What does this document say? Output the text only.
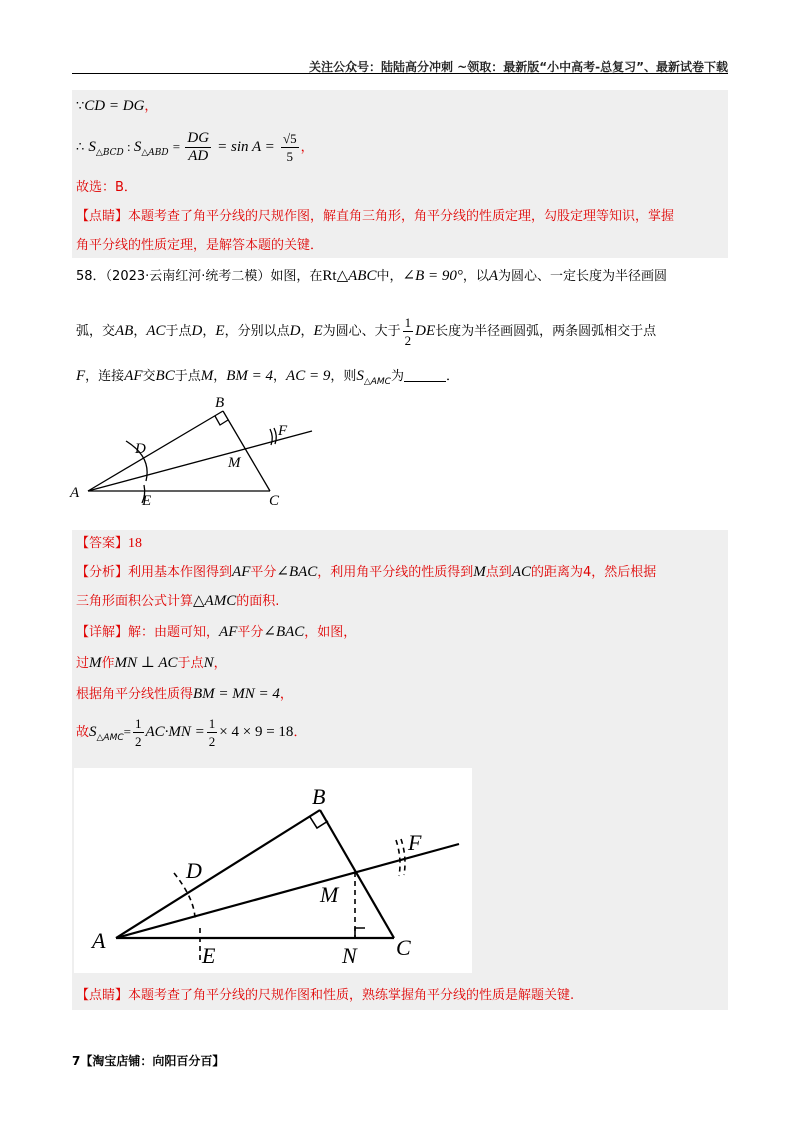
关注公众号：陆陆高分冲刺 ~领取：最新版“小中高考-总复习”、最新试卷下载
∵CD = DG，
∴ $S_{\triangle BCD}$ : $S_{\triangle ABD} = \frac{DG}{AD} = \sin A = \frac{√5}{5}$ ，
故选：B．
【点睛】本题考查了角平分线的尺规作图，解直角三角形，角平分线的性质定理，勾股定理等知识，掌握
角平分线的性质定理，是解答本题的关键．
58．（2023·云南红河·统考二模）如图，在Rt△ABC中，∠B = 90°，以A为圆心、一定长度为半径画圆
弧，交AB，AC于点D，E，分别以点D，E为圆心、大于 $\frac{1}{2}$ DE长度为半径画圆弧，两条圆弧相交于点
F，连接AF交BC于点M，BM = 4，AC = 9，则$S_{\triangle AMC}$为	．
A
B
C
D
E
F
M
【答案】18
【分析】利用基本作图得到AF平分∠BAC，利用角平分线的性质得到M点到AC的距离为4，然后根据
三角形面积公式计算△AMC的面积.
【详解】解：由题可知，AF平分∠BAC，如图，
过M作MN ⊥ AC于点N，
根据角平分线性质得BM = MN = 4，
故$S_{\triangle AMC}= \frac{1}{2} AC\cdot MN = \frac{1}{2} \times 4 \times 9 = 18$．
A
B
C
D
E
F
M
N
【点睛】本题考查了角平分线的尺规作图和性质，熟练掌握角平分线的性质是解题关键.
7【淘宝店铺：向阳百分百】
